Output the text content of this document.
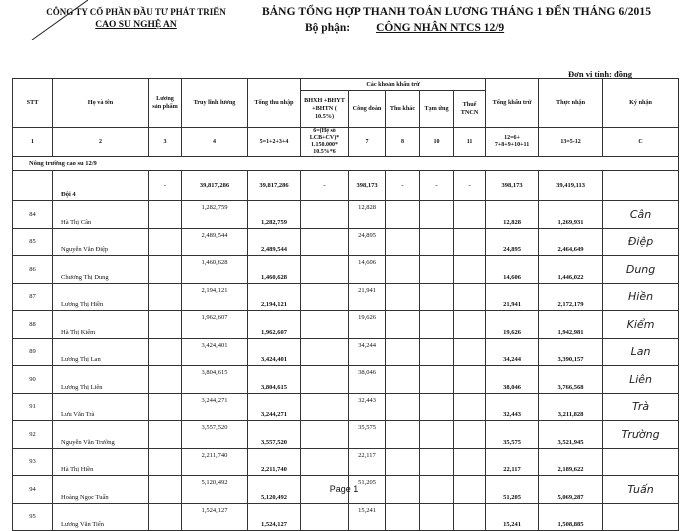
CÔNG TY CỔ PHẦN ĐẦU TƯ PHÁT TRIỂN
CAO SU NGHỆ AN
BẢNG TỔNG HỢP THANH TOÁN LƯƠNG THÁNG 1 ĐẾN THÁNG 6/2015
Bộ phận: CÔNG NHÂN NTCS 12/9
Đơn vị tính: đồng
STT	Họ và tên	Lương sản phẩm	Truy lĩnh lương	Tổng thu nhập	Các khoản khấu trừ					Tổng khấu trừ	Thực nhận	Ký nhận
					BHXH +BHYT +BHTN ( 10.5%)	Công đoàn	Thu khác	Tạm ứng	Thuế TNCN			
1	2	3	4	5=1+2+3+4	6=(Hệ số LCB+CV)* 1.150.000* 10.5%*6	7	8	10	11	12=6+ 7+8+9+10+11	13=5-12	C
Nông trường cao su 12/9												
	Đội 4	-	39,817,286	39,817,286	-	398,173	-	-	-	398,173	39,419,113	
84	Hà Thị Cân		1,282,759	1,282,759		12,828				12,828	1,269,931	Cân
85	Nguyễn Văn Điệp		2,489,544	2,489,544		24,895				24,895	2,464,649	Điệp
86	Chương Thị Dung		1,460,628	1,460,628		14,606				14,606	1,446,022	Dung
87	Lương Thị Hiền		2,194,121	2,194,121		21,941				21,941	2,172,179	Hiền
88	Hà Thị Kiểm		1,962,607	1,962,607		19,626				19,626	1,942,981	Kiểm
89	Lương Thị Lan		3,424,401	3,424,401		34,244				34,244	3,390,157	Lan
90	Lương Thị Liên		3,804,615	3,804,615		38,046				38,046	3,766,568	Liên
91	Lưu Văn Trà		3,244,271	3,244,271		32,443				32,443	3,211,828	Trà
92	Nguyễn Văn Trường		3,557,520	3,557,520		35,575				35,575	3,521,945	Trường
93	Hà Thị Hiền		2,211,740	2,211,740		22,117				22,117	2,189,622	
94	Hoàng Ngọc Tuấn		5,120,492	5,120,492		51,205				51,205	5,069,287	Tuấn
95	Lương Văn Tiến		1,524,127	1,524,127		15,241				15,241	1,508,885	
Page 1
